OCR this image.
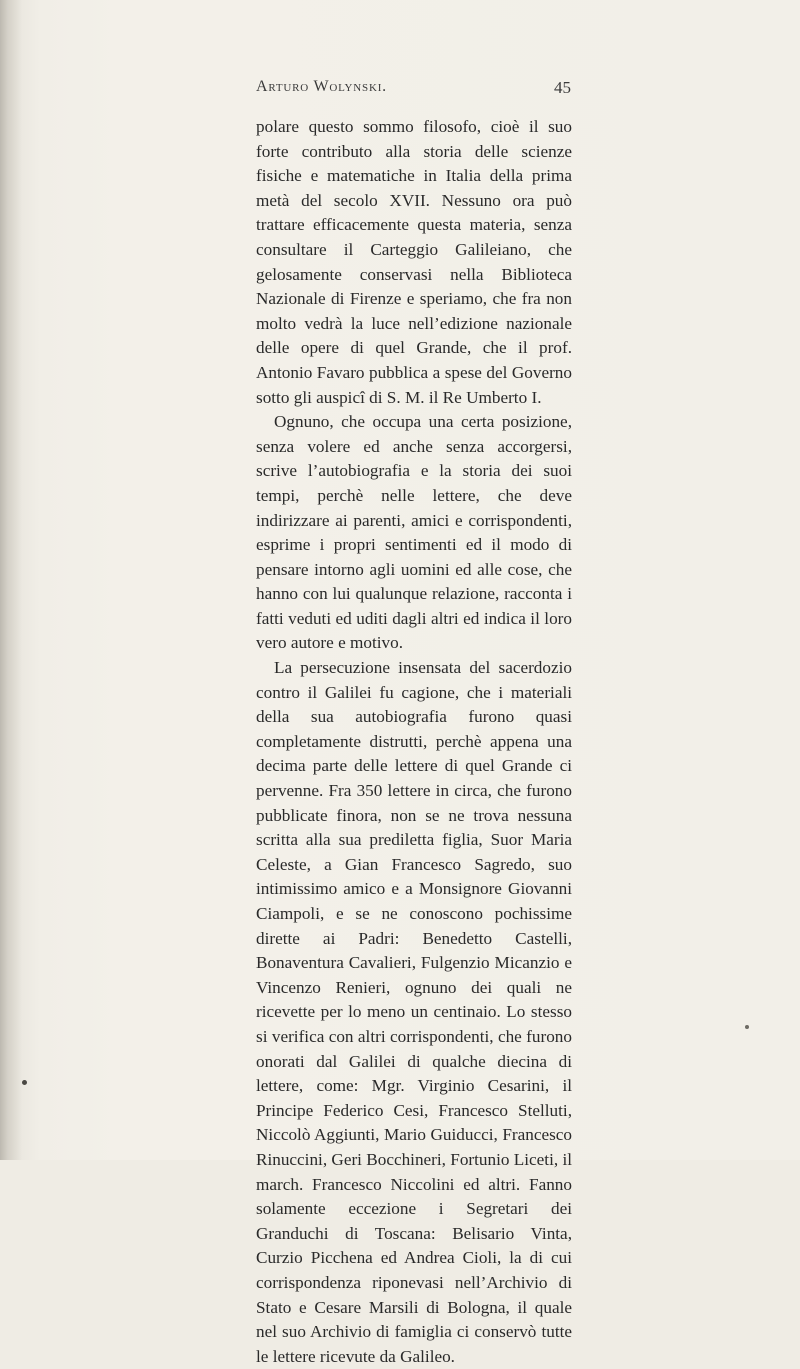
Arturo Wolynski.	45

polare questo sommo filosofo, cioè il suo forte contributo alla storia delle scienze fisiche e matematiche in Italia della prima metà del secolo XVII. Nessuno ora può trattare efficacemente questa materia, senza consultare il Carteggio Galileiano, che gelosamente conservasi nella Biblioteca Nazionale di Firenze e speriamo, che fra non molto vedrà la luce nell’edizione nazionale delle opere di quel Grande, che il prof. Antonio Favaro pubblica a spese del Governo sotto gli auspicî di S. M. il Re Umberto I.

Ognuno, che occupa una certa posizione, senza volere ed anche senza accorgersi, scrive l’autobiografia e la storia dei suoi tempi, perchè nelle lettere, che deve indirizzare ai parenti, amici e corrispondenti, esprime i propri sentimenti ed il modo di pensare intorno agli uomini ed alle cose, che hanno con lui qualunque relazione, racconta i fatti veduti ed uditi dagli altri ed indica il loro vero autore e motivo.

La persecuzione insensata del sacerdozio contro il Galilei fu cagione, che i materiali della sua autobiografia furono quasi completamente distrutti, perchè appena una decima parte delle lettere di quel Grande ci pervenne. Fra 350 lettere in circa, che furono pubblicate finora, non se ne trova nessuna scritta alla sua prediletta figlia, Suor Maria Celeste, a Gian Francesco Sagredo, suo intimissimo amico e a Monsignore Giovanni Ciampoli, e se ne conoscono pochissime dirette ai Padri: Benedetto Castelli, Bonaventura Cavalieri, Fulgenzio Micanzio e Vincenzo Renieri, ognuno dei quali ne ricevette per lo meno un centinaio. Lo stesso si verifica con altri corrispondenti, che furono onorati dal Galilei di qualche diecina di lettere, come: Mgr. Virginio Cesarini, il Principe Federico Cesi, Francesco Stelluti, Niccolò Aggiunti, Mario Guiducci, Francesco Rinuccini, Geri Bocchineri, Fortunio Liceti, il march. Francesco Niccolini ed altri. Fanno solamente eccezione i Segretari dei Granduchi di Toscana: Belisario Vinta, Curzio Picchena ed Andrea Cioli, la di cui corrispondenza riponevasi nell’Archivio di Stato e Cesare Marsili di Bologna, il quale nel suo Archivio di famiglia ci conservò tutte le lettere ricevute da Galileo.
